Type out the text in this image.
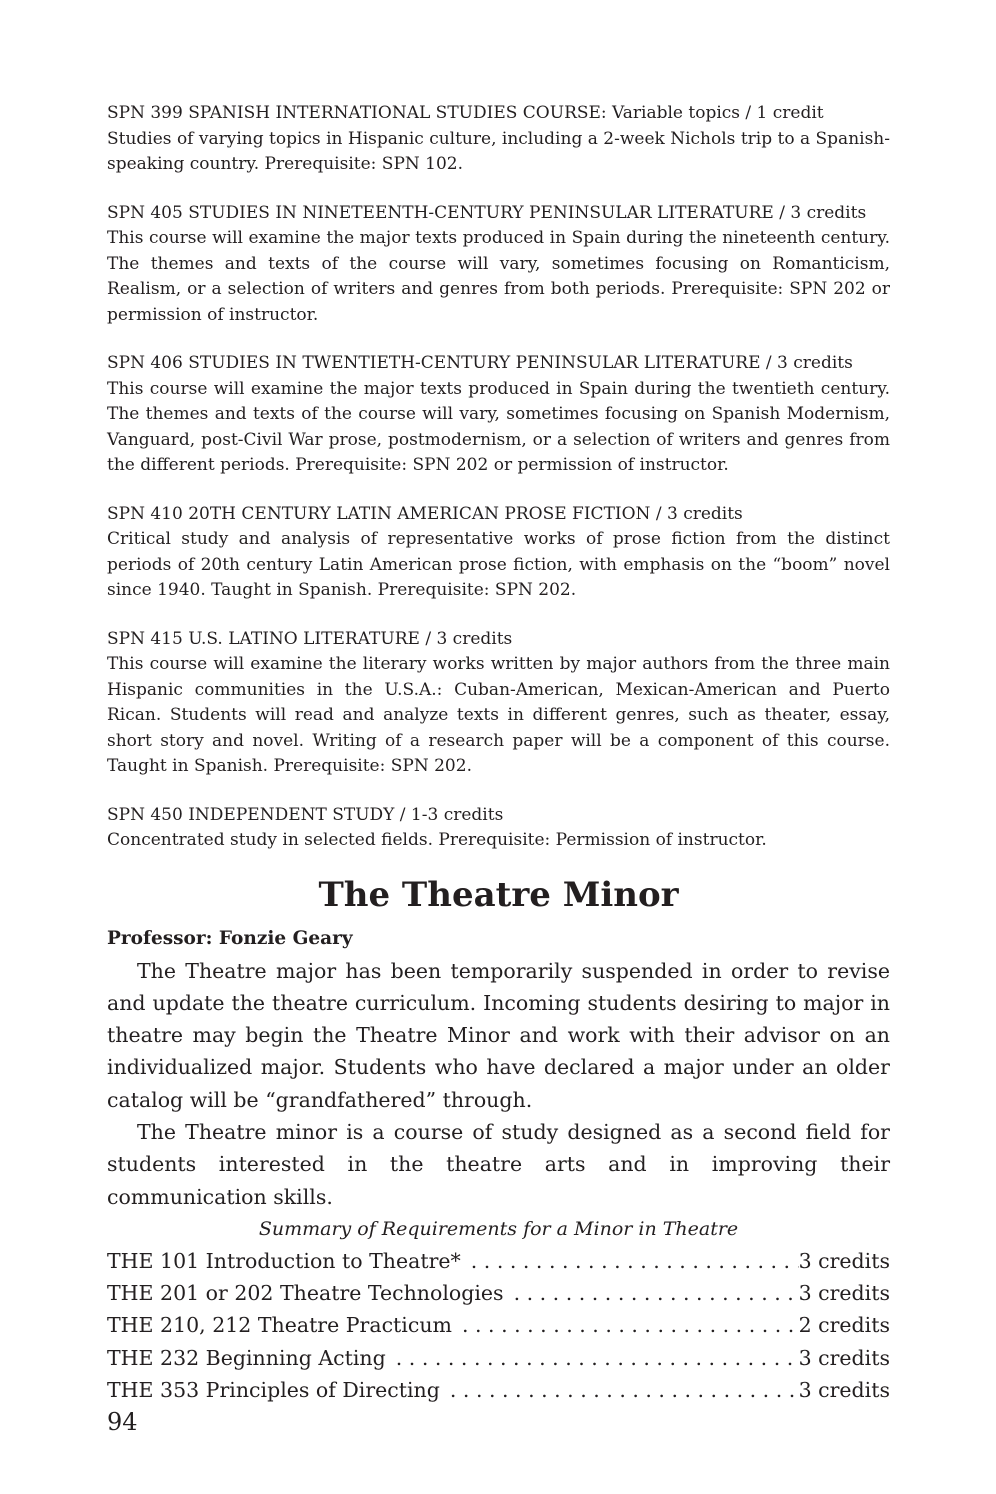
SPN 399 SPANISH INTERNATIONAL STUDIES COURSE: Variable topics / 1 credit
Studies of varying topics in Hispanic culture, including a 2-week Nichols trip to a Spanish-speaking country. Prerequisite: SPN 102.
SPN 405 STUDIES IN NINETEENTH-CENTURY PENINSULAR LITERATURE / 3 credits
This course will examine the major texts produced in Spain during the nineteenth century. The themes and texts of the course will vary, sometimes focusing on Romanticism, Realism, or a selection of writers and genres from both periods. Prerequisite: SPN 202 or permission of instructor.
SPN 406 STUDIES IN TWENTIETH-CENTURY PENINSULAR LITERATURE / 3 credits
This course will examine the major texts produced in Spain during the twentieth century. The themes and texts of the course will vary, sometimes focusing on Spanish Modernism, Vanguard, post-Civil War prose, postmodernism, or a selection of writers and genres from the different periods. Prerequisite: SPN 202 or permission of instructor.
SPN 410 20TH CENTURY LATIN AMERICAN PROSE FICTION / 3 credits
Critical study and analysis of representative works of prose fiction from the distinct periods of 20th century Latin American prose fiction, with emphasis on the “boom” novel since 1940. Taught in Spanish. Prerequisite: SPN 202.
SPN 415 U.S. LATINO LITERATURE / 3 credits
This course will examine the literary works written by major authors from the three main Hispanic communities in the U.S.A.: Cuban-American, Mexican-American and Puerto Rican. Students will read and analyze texts in different genres, such as theater, essay, short story and novel. Writing of a research paper will be a component of this course. Taught in Spanish. Prerequisite: SPN 202.
SPN 450 INDEPENDENT STUDY / 1-3 credits
Concentrated study in selected fields. Prerequisite: Permission of instructor.
The Theatre Minor
Professor: Fonzie Geary

The Theatre major has been temporarily suspended in order to revise and update the theatre curriculum. Incoming students desiring to major in theatre may begin the Theatre Minor and work with their advisor on an individualized major. Students who have declared a major under an older catalog will be “grandfathered” through.

The Theatre minor is a course of study designed as a second field for students interested in the theatre arts and in improving their communication skills.

Summary of Requirements for a Minor in Theatre

THE 101 Introduction to Theatre* . . .	3 credits
THE 201 or 202 Theatre Technologies . . .	3 credits
THE 210, 212 Theatre Practicum . . .	2 credits
THE 232 Beginning Acting . . .	3 credits
THE 353 Principles of Directing . . .	3 credits
94
